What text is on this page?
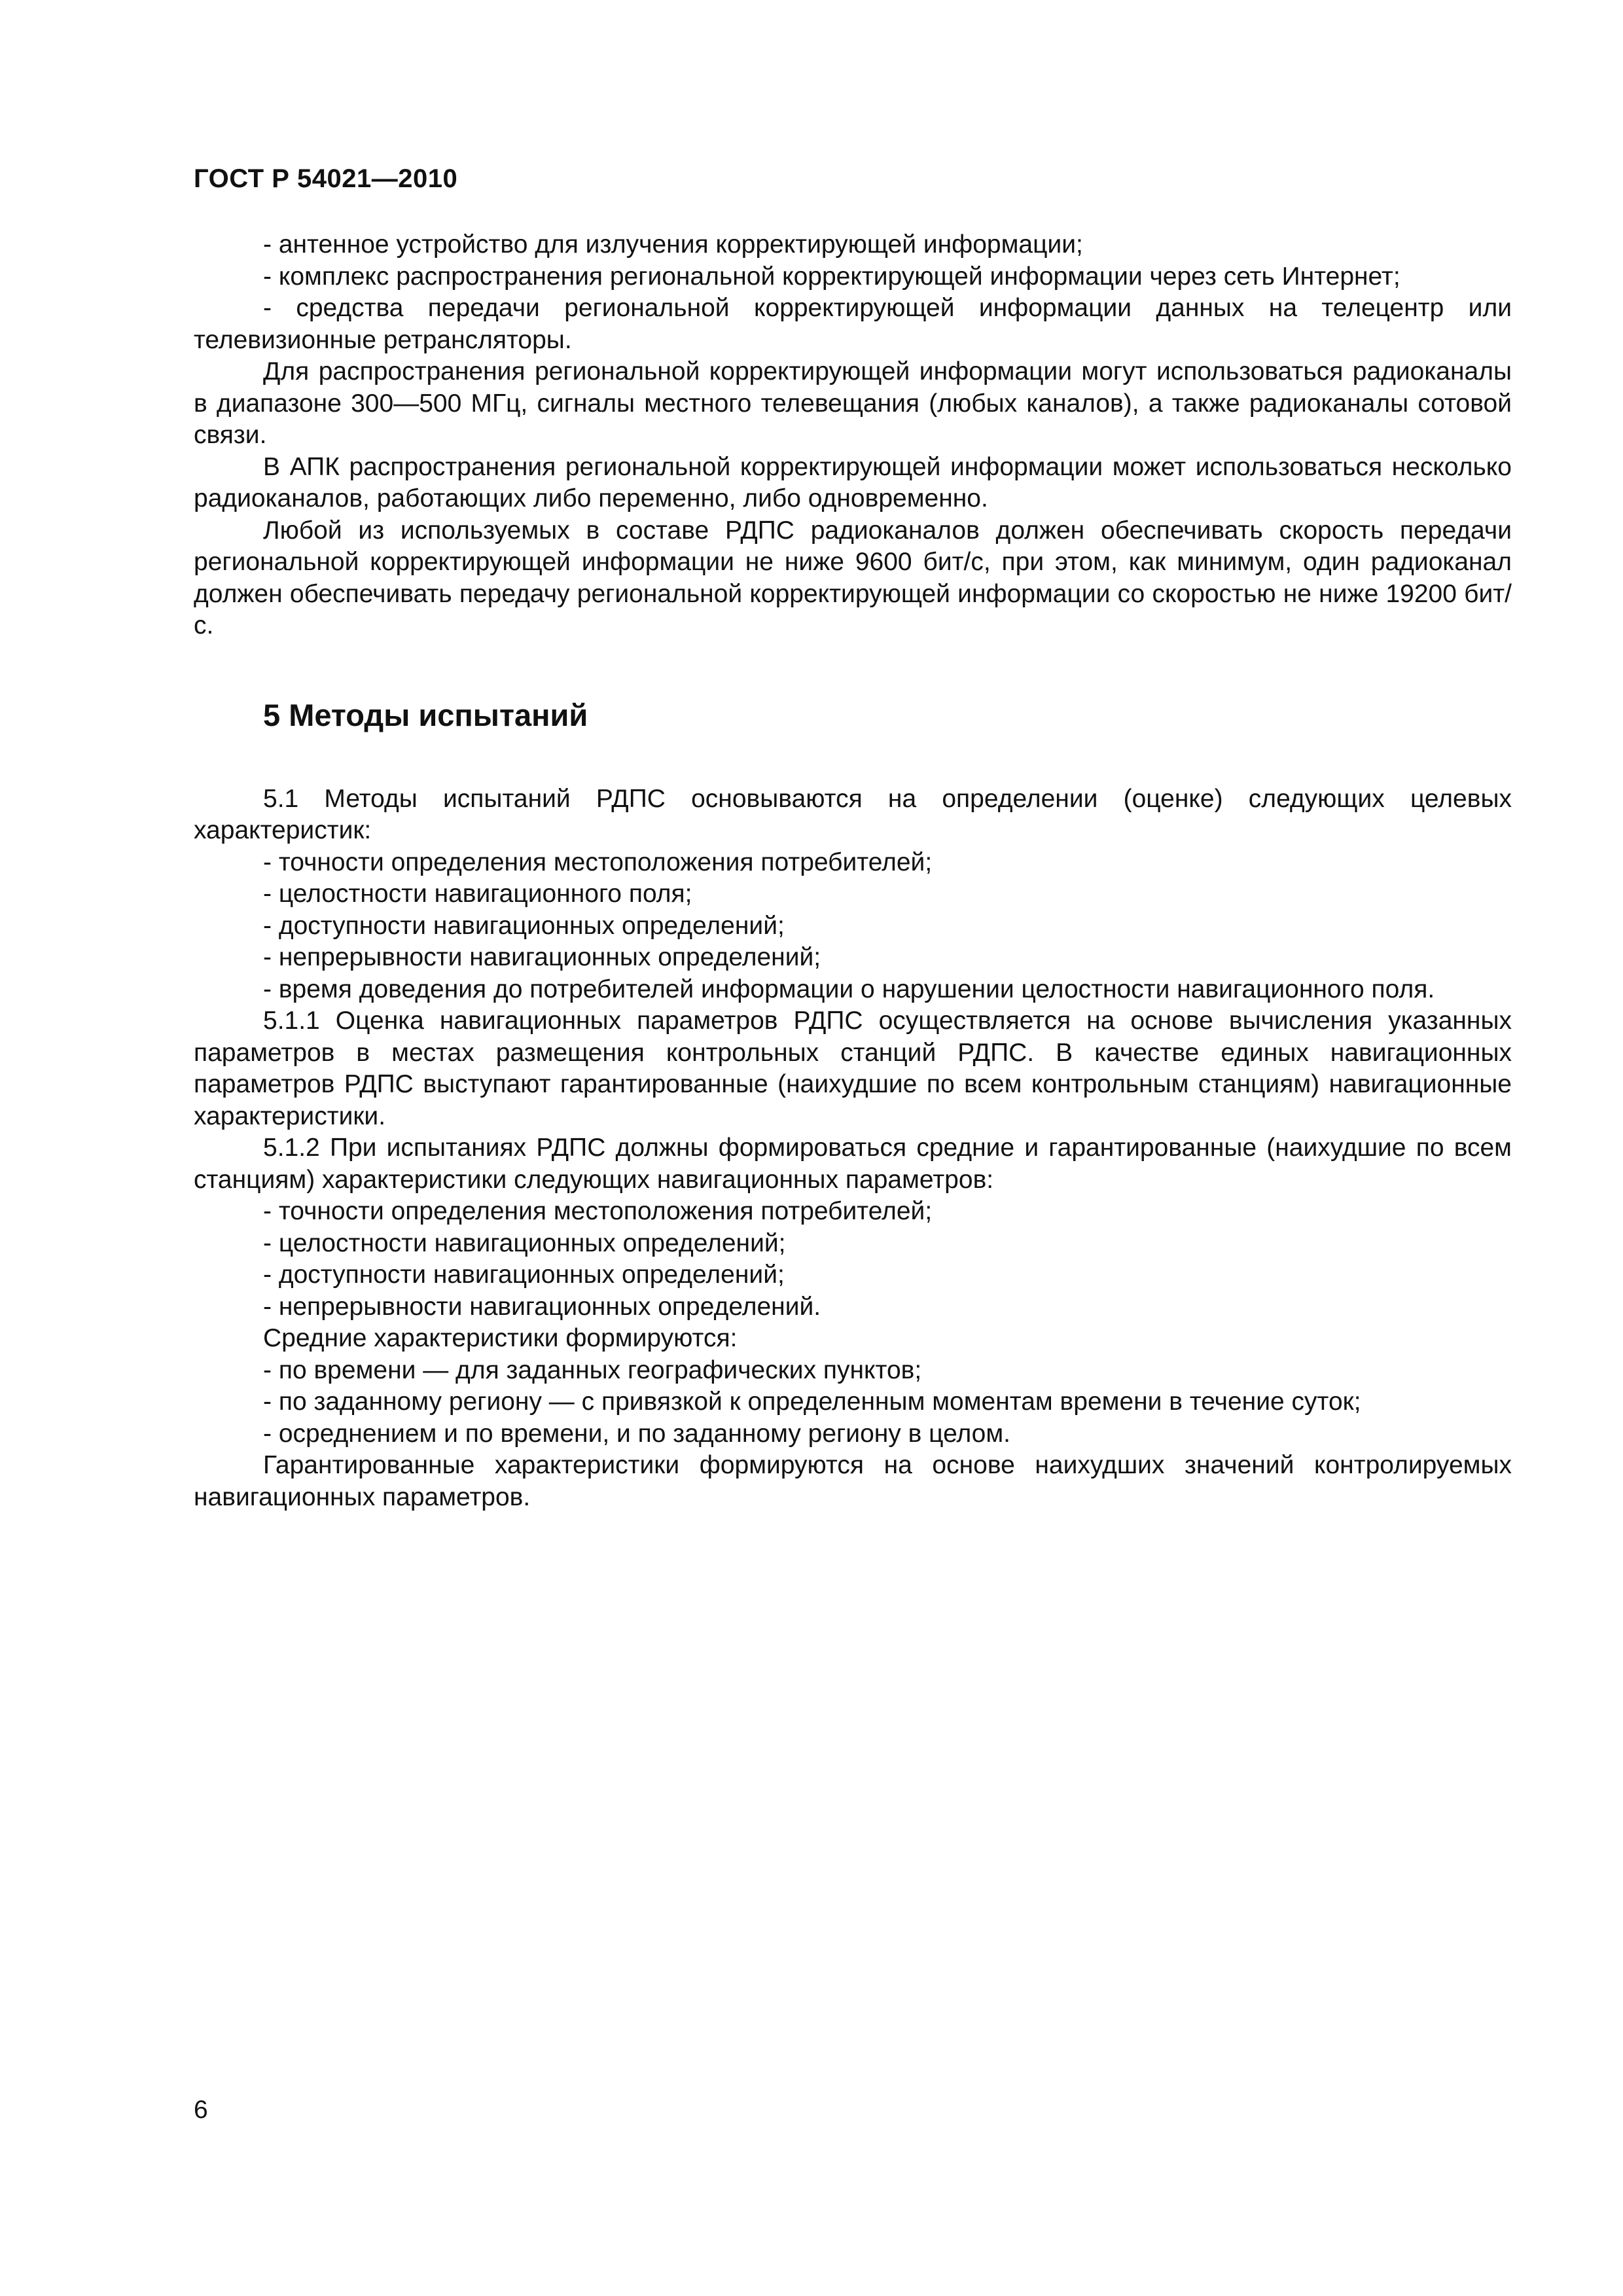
ГОСТ Р 54021—2010

- антенное устройство для излучения корректирующей информации;

- комплекс распространения региональной корректирующей информации через сеть Интернет;

- средства передачи региональной корректирующей информации данных на телецентр или телевизионные ретрансляторы.

Для распространения региональной корректирующей информации могут использоваться радиоканалы в диапазоне 300—500 МГц, сигналы местного телевещания (любых каналов), а также радиоканалы сотовой связи.

В АПК распространения региональной корректирующей информации может использоваться несколько радиоканалов, работающих либо переменно, либо одновременно.

Любой из используемых в составе РДПС радиоканалов должен обеспечивать скорость передачи региональной корректирующей информации не ниже 9600 бит/с, при этом, как минимум, один радиоканал должен обеспечивать передачу региональной корректирующей информации со скоростью не ниже 19200 бит/с.

5 Методы испытаний

5.1 Методы испытаний РДПС основываются на определении (оценке) следующих целевых характеристик:

- точности определения местоположения потребителей;

- целостности навигационного поля;

- доступности навигационных определений;

- непрерывности навигационных определений;

- время доведения до потребителей информации о нарушении целостности навигационного поля.

5.1.1 Оценка навигационных параметров РДПС осуществляется на основе вычисления указанных параметров в местах размещения контрольных станций РДПС. В качестве единых навигационных параметров РДПС выступают гарантированные (наихудшие по всем контрольным станциям) навигационные характеристики.

5.1.2 При испытаниях РДПС должны формироваться средние и гарантированные (наихудшие по всем станциям) характеристики следующих навигационных параметров:

- точности определения местоположения потребителей;

- целостности навигационных определений;

- доступности навигационных определений;

- непрерывности навигационных определений.

Средние характеристики формируются:

- по времени — для заданных географических пунктов;

- по заданному региону — с привязкой к определенным моментам времени в течение суток;

- осреднением и по времени, и по заданному региону в целом.

Гарантированные характеристики формируются на основе наихудших значений контролируемых навигационных параметров.

6
